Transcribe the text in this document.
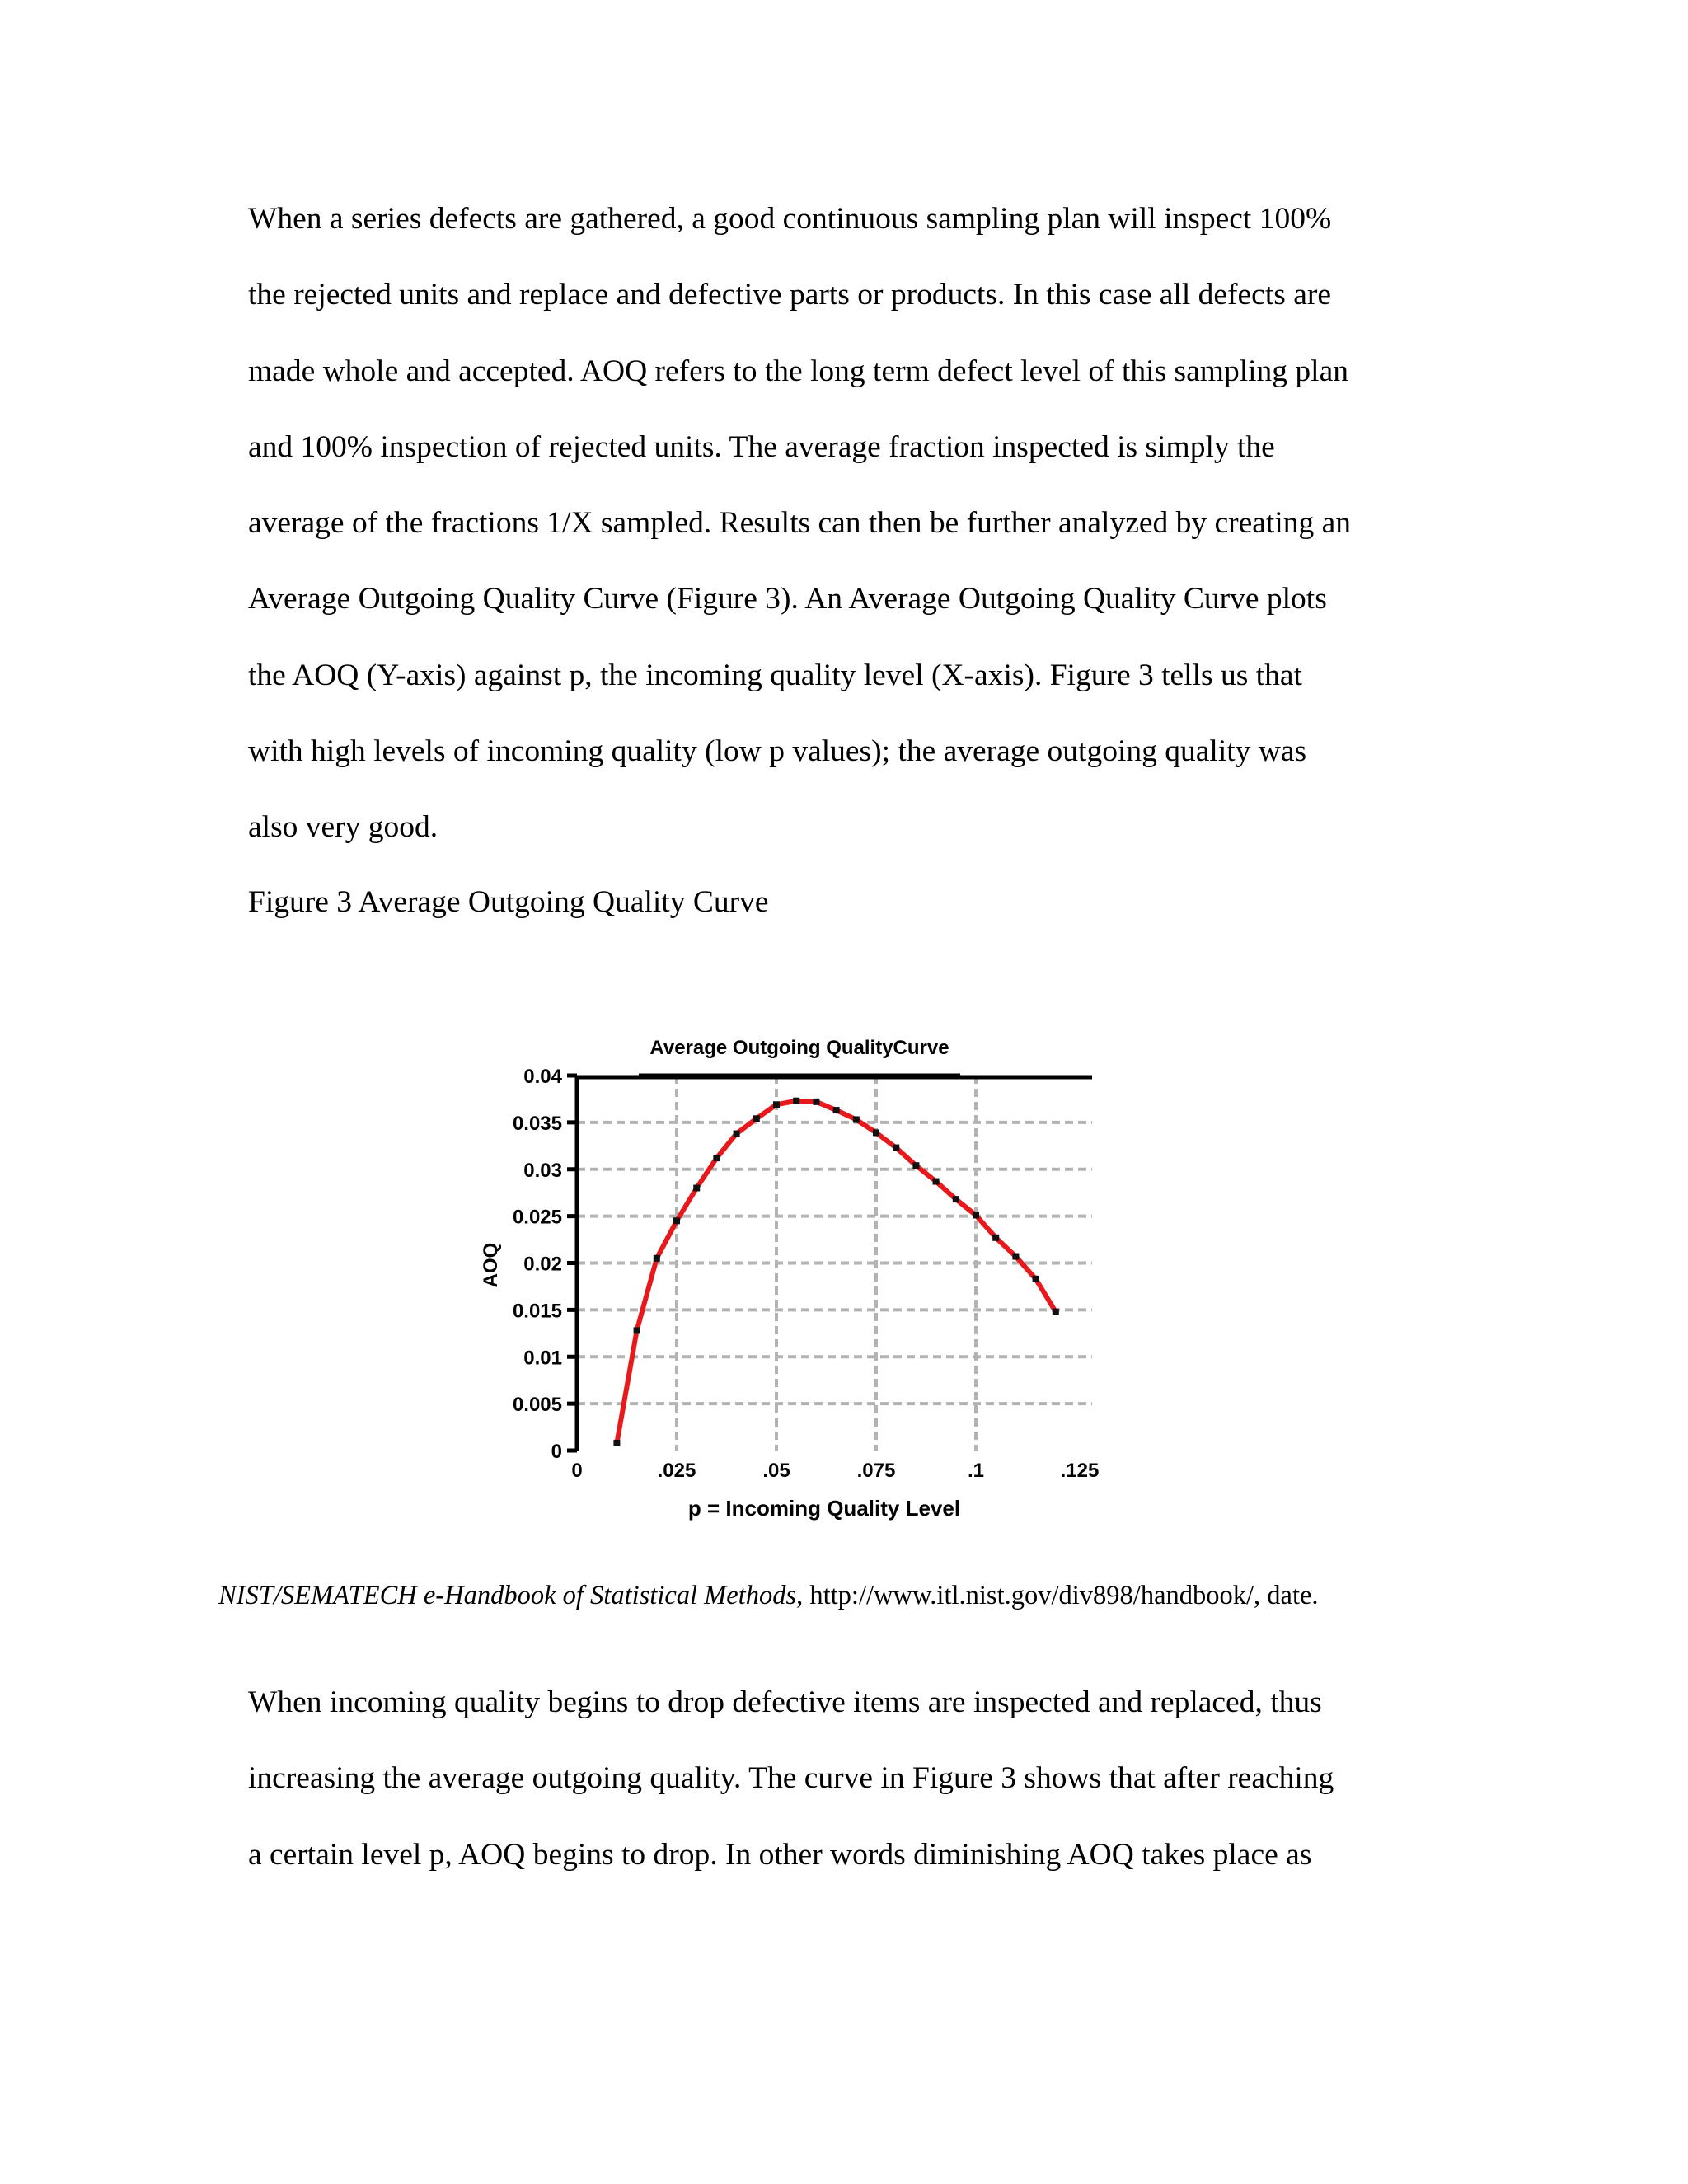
When a series defects are gathered, a good continuous sampling plan will inspect 100%
the rejected units and replace and defective parts or products. In this case all defects are
made whole and accepted. AOQ refers to the long term defect level of this sampling plan
and 100% inspection of rejected units. The average fraction inspected is simply the
average of the fractions 1/X sampled. Results can then be further analyzed by creating an
Average Outgoing Quality Curve (Figure 3). An Average Outgoing Quality Curve plots
the AOQ (Y-axis) against p, the incoming quality level (X-axis). Figure 3 tells us that
with high levels of incoming quality (low p values); the average outgoing quality was
also very good.
Figure 3 Average Outgoing Quality Curve
Average Outgoing QualityCurve
0
0.005
0.01
0.015
0.02
0.025
0.03
0.035
0.04
0	.025	.05	.075	.1	.125
AOQ
p = Incoming Quality Level
NIST/SEMATECH e-Handbook of Statistical Methods, http://www.itl.nist.gov/div898/handbook/, date.
When incoming quality begins to drop defective items are inspected and replaced, thus
increasing the average outgoing quality. The curve in Figure 3 shows that after reaching
a certain level p, AOQ begins to drop. In other words diminishing AOQ takes place as
